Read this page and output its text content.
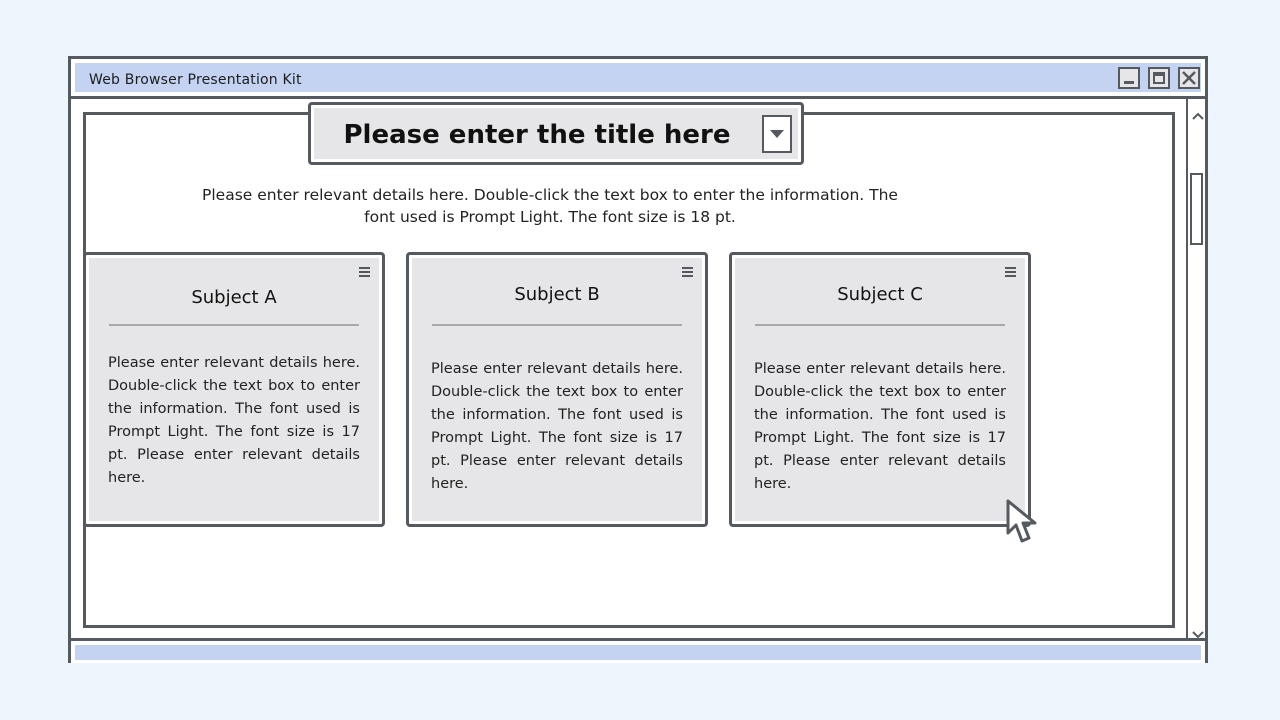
Web Browser Presentation Kit
Please enter the title here
Please enter relevant details here. Double-click the text box to enter the information. The font used is Prompt Light. The font size is 18 pt.
Subject A
Please enter relevant details here. Double-click the text box to enter the information. The font used is Prompt Light. The font size is 17 pt. Please enter relevant details here.
Subject B
Please enter relevant details here. Double-click the text box to enter the information. The font used is Prompt Light. The font size is 17 pt. Please enter relevant details here.
Subject C
Please enter relevant details here. Double-click the text box to enter the information. The font used is Prompt Light. The font size is 17 pt. Please enter relevant details here.
